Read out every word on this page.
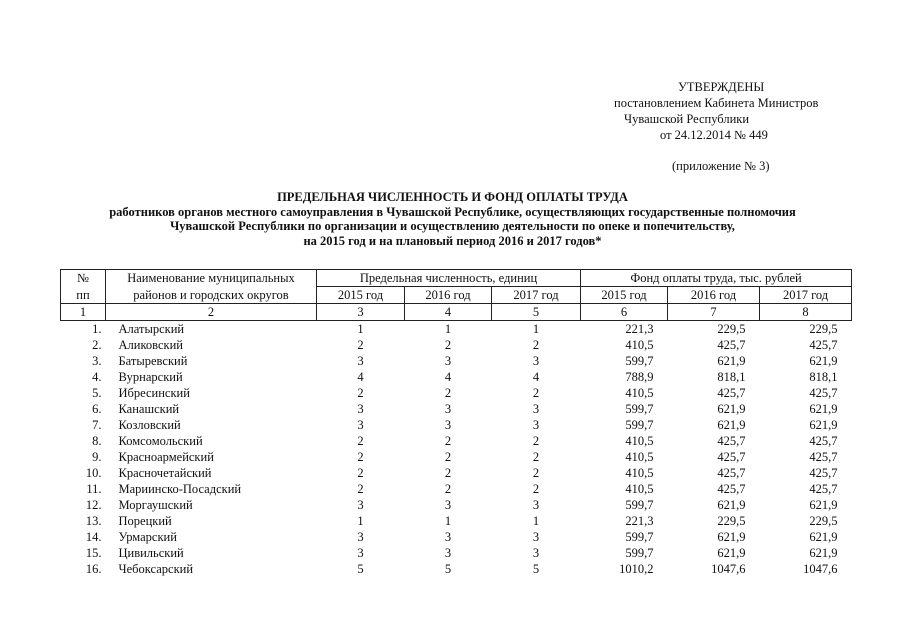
УТВЕРЖДЕНЫ
постановлением Кабинета Министров
Чувашской Республики
от 24.12.2014 № 449
(приложение № 3)
ПРЕДЕЛЬНАЯ ЧИСЛЕННОСТЬ И ФОНД ОПЛАТЫ ТРУДА
работников органов местного самоуправления в Чувашской Республике, осуществляющих государственные полномочия
Чувашской Республики по организации и осуществлению деятельности по опеке и попечительству,
на 2015 год и на плановый период 2016 и 2017 годов*
№	Наименование муниципальных	Предельная численность, единиц			Фонд оплаты труда, тыс. рублей		
пп	районов и городских округов	2015 год	2016 год	2017 год	2015 год	2016 год	2017 год
1	2	3	4	5	6	7	8
1.	Алатырский	1	1	1	221,3	229,5	229,5
2.	Аликовский	2	2	2	410,5	425,7	425,7
3.	Батыревский	3	3	3	599,7	621,9	621,9
4.	Вурнарский	4	4	4	788,9	818,1	818,1
5.	Ибресинский	2	2	2	410,5	425,7	425,7
6.	Канашский	3	3	3	599,7	621,9	621,9
7.	Козловский	3	3	3	599,7	621,9	621,9
8.	Комсомольский	2	2	2	410,5	425,7	425,7
9.	Красноармейский	2	2	2	410,5	425,7	425,7
10.	Красночетайский	2	2	2	410,5	425,7	425,7
11.	Мариинско-Посадский	2	2	2	410,5	425,7	425,7
12.	Моргаушский	3	3	3	599,7	621,9	621,9
13.	Порецкий	1	1	1	221,3	229,5	229,5
14.	Урмарский	3	3	3	599,7	621,9	621,9
15.	Цивильский	3	3	3	599,7	621,9	621,9
16.	Чебоксарский	5	5	5	1010,2	1047,6	1047,6
